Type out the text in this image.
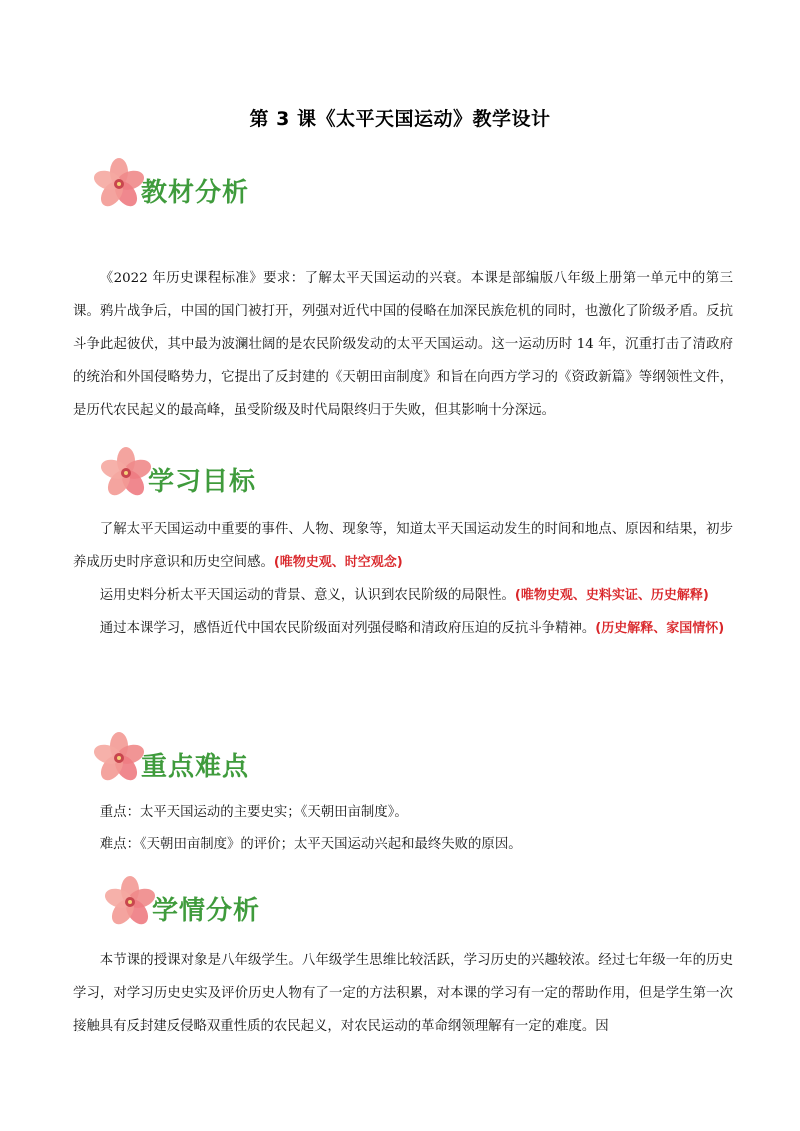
第 3 课《太平天国运动》教学设计
教材分析

《2022 年历史课程标准》要求：了解太平天国运动的兴衰。本课是部编版八年级上册第一单元中的第三课。鸦片战争后，中国的国门被打开，列强对近代中国的侵略在加深民族危机的同时，也激化了阶级矛盾。反抗斗争此起彼伏，其中最为波澜壮阔的是农民阶级发动的太平天国运动。这一运动历时 14 年，沉重打击了清政府的统治和外国侵略势力，它提出了反封建的《天朝田亩制度》和旨在向西方学习的《资政新篇》等纲领性文件，是历代农民起义的最高峰，虽受阶级及时代局限终归于失败，但其影响十分深远。

学习目标

了解太平天国运动中重要的事件、人物、现象等，知道太平天国运动发生的时间和地点、原因和结果，初步养成历史时序意识和历史空间感。(唯物史观、时空观念)

运用史料分析太平天国运动的背景、意义，认识到农民阶级的局限性。(唯物史观、史料实证、历史解释)

通过本课学习，感悟近代中国农民阶级面对列强侵略和清政府压迫的反抗斗争精神。(历史解释、家国情怀)

重点难点

重点：太平天国运动的主要史实；《天朝田亩制度》。

难点：《天朝田亩制度》的评价；太平天国运动兴起和最终失败的原因。

学情分析

本节课的授课对象是八年级学生。八年级学生思维比较活跃，学习历史的兴趣较浓。经过七年级一年的历史学习，对学习历史史实及评价历史人物有了一定的方法积累，对本课的学习有一定的帮助作用，但是学生第一次接触具有反封建反侵略双重性质的农民起义，对农民运动的革命纲领理解有一定的难度。因
